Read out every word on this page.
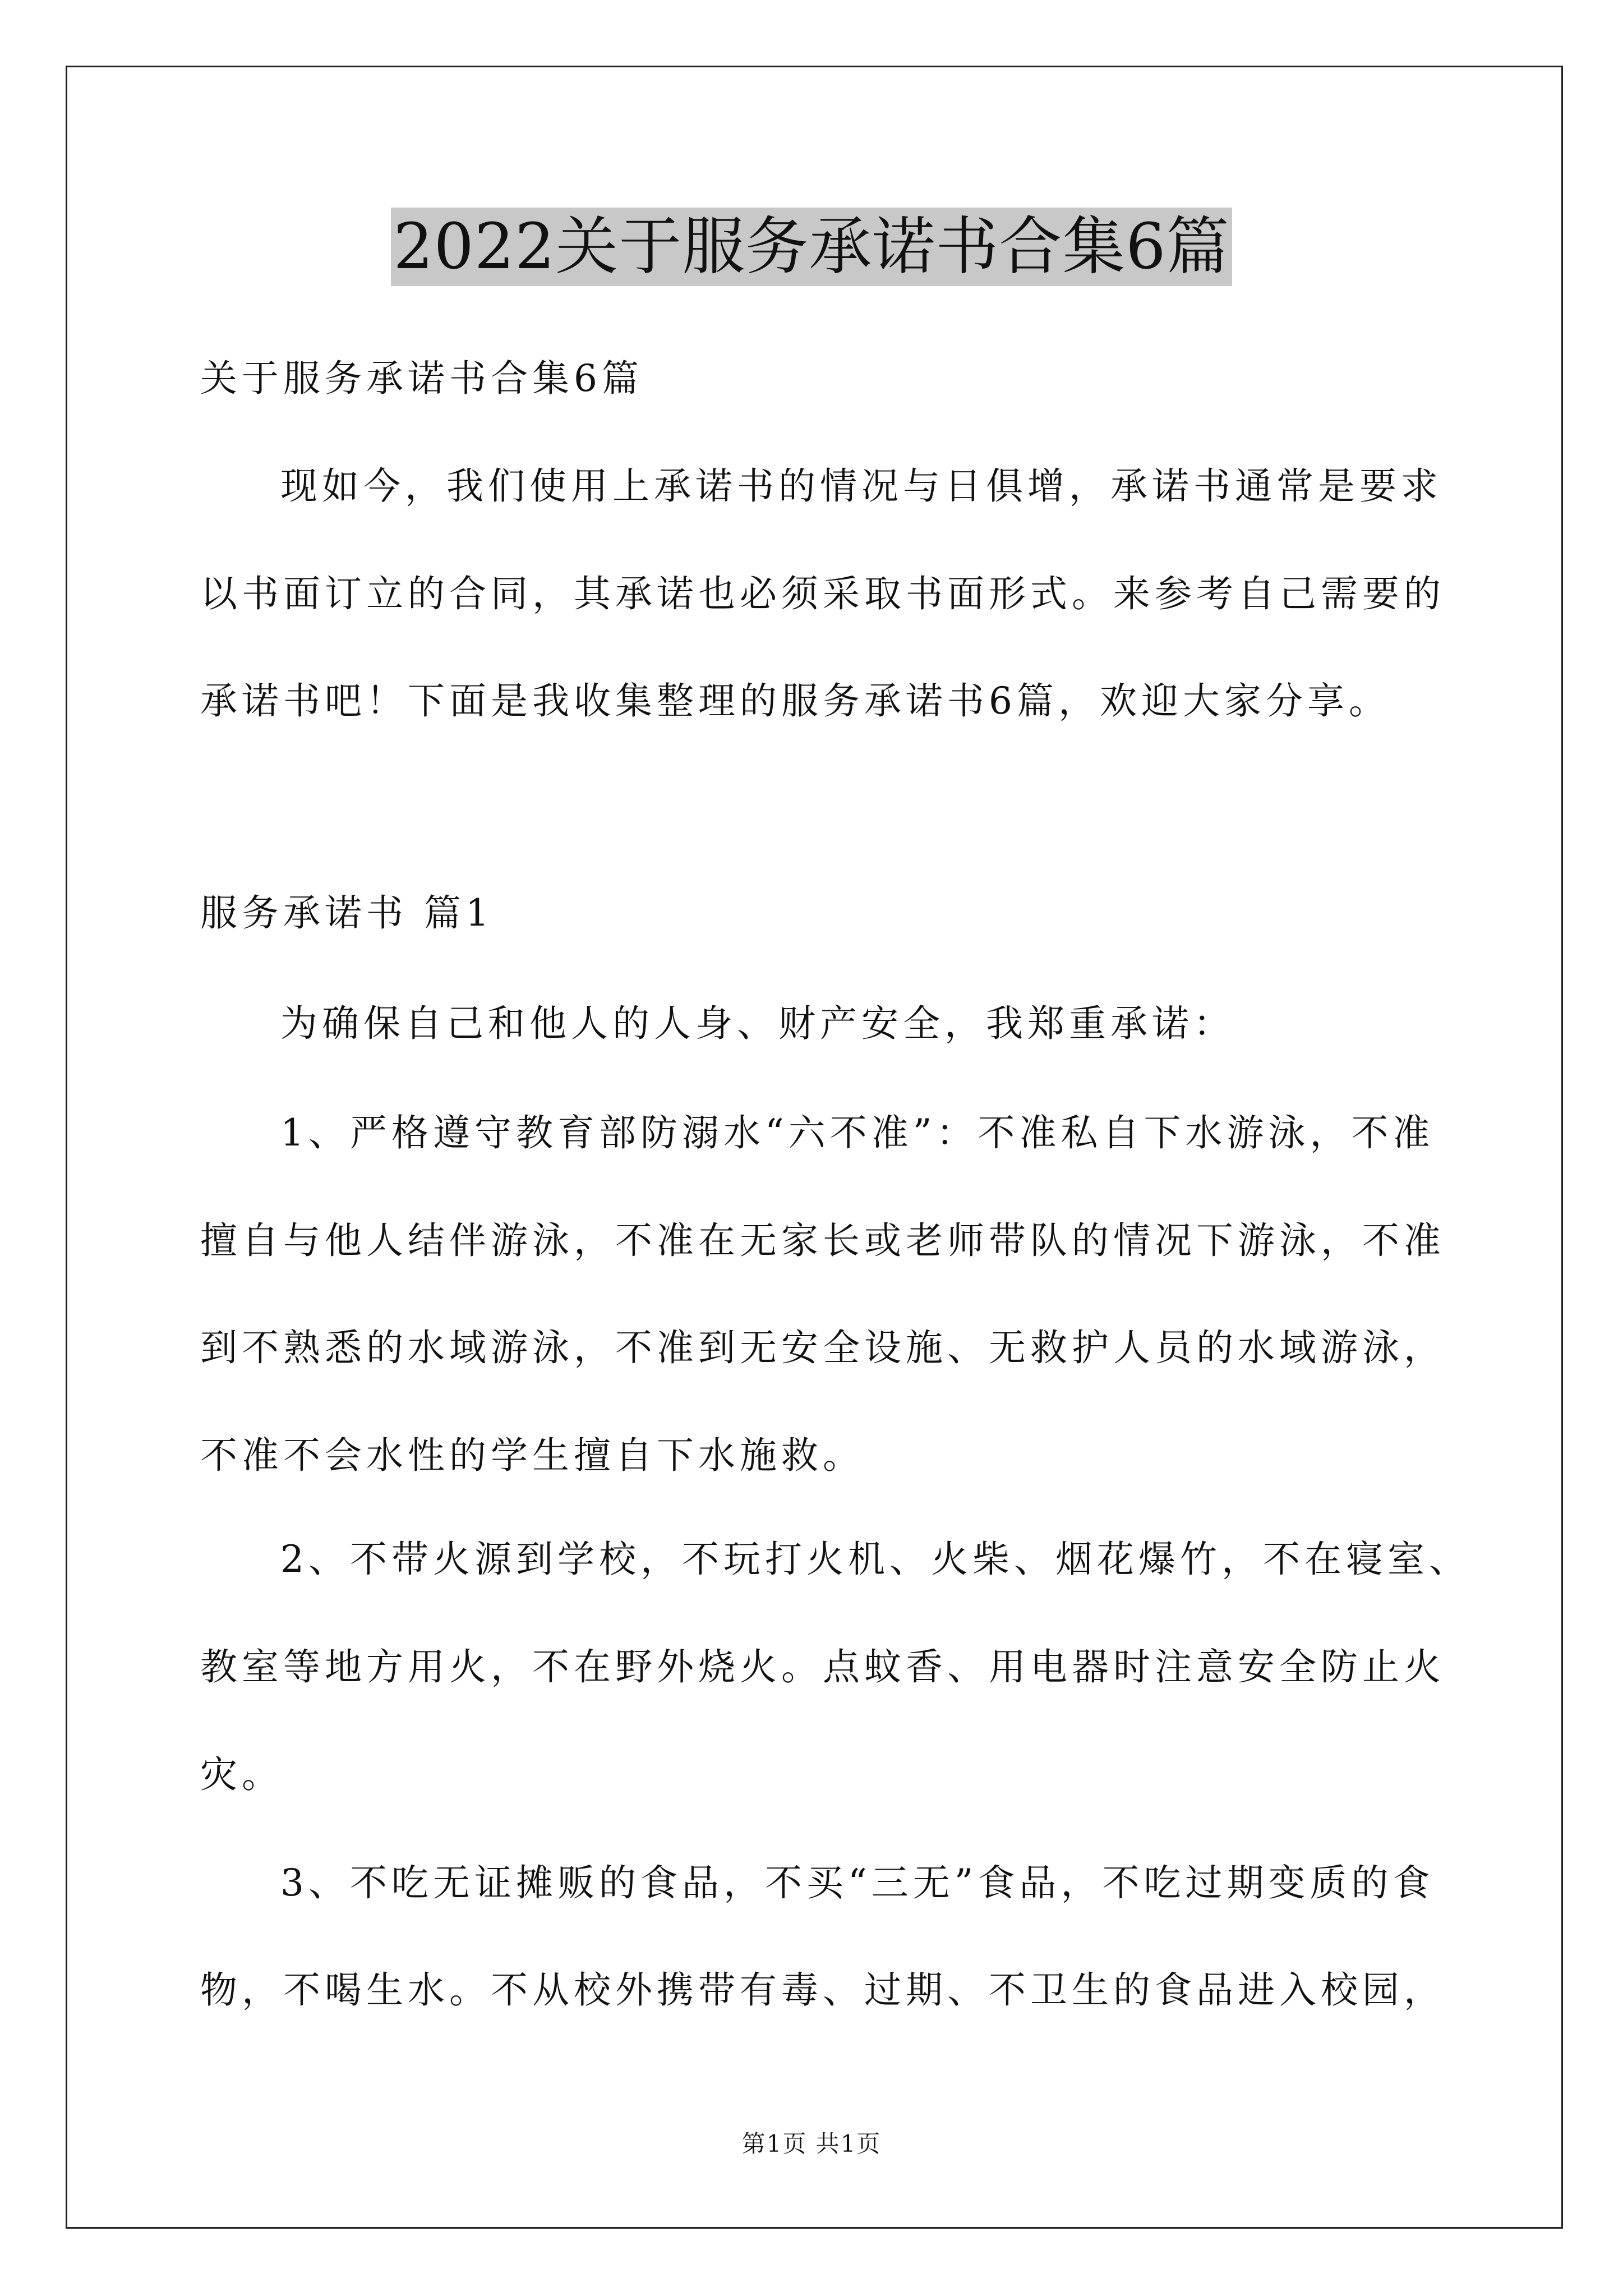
2022关于服务承诺书合集6篇
关于服务承诺书合集6篇
现如今，我们使用上承诺书的情况与日俱增，承诺书通常是要求
以书面订立的合同，其承诺也必须采取书面形式。来参考自己需要的
承诺书吧！下面是我收集整理的服务承诺书6篇，欢迎大家分享。
服务承诺书 篇1
为确保自己和他人的人身、财产安全，我郑重承诺：
1、严格遵守教育部防溺水“六不准”：不准私自下水游泳，不准
擅自与他人结伴游泳，不准在无家长或老师带队的情况下游泳，不准
到不熟悉的水域游泳，不准到无安全设施、无救护人员的水域游泳，
不准不会水性的学生擅自下水施救。
2、不带火源到学校，不玩打火机、火柴、烟花爆竹，不在寝室、
教室等地方用火，不在野外烧火。点蚊香、用电器时注意安全防止火
灾。
3、不吃无证摊贩的食品，不买“三无”食品，不吃过期变质的食
物，不喝生水。不从校外携带有毒、过期、不卫生的食品进入校园，
第1页 共1页
